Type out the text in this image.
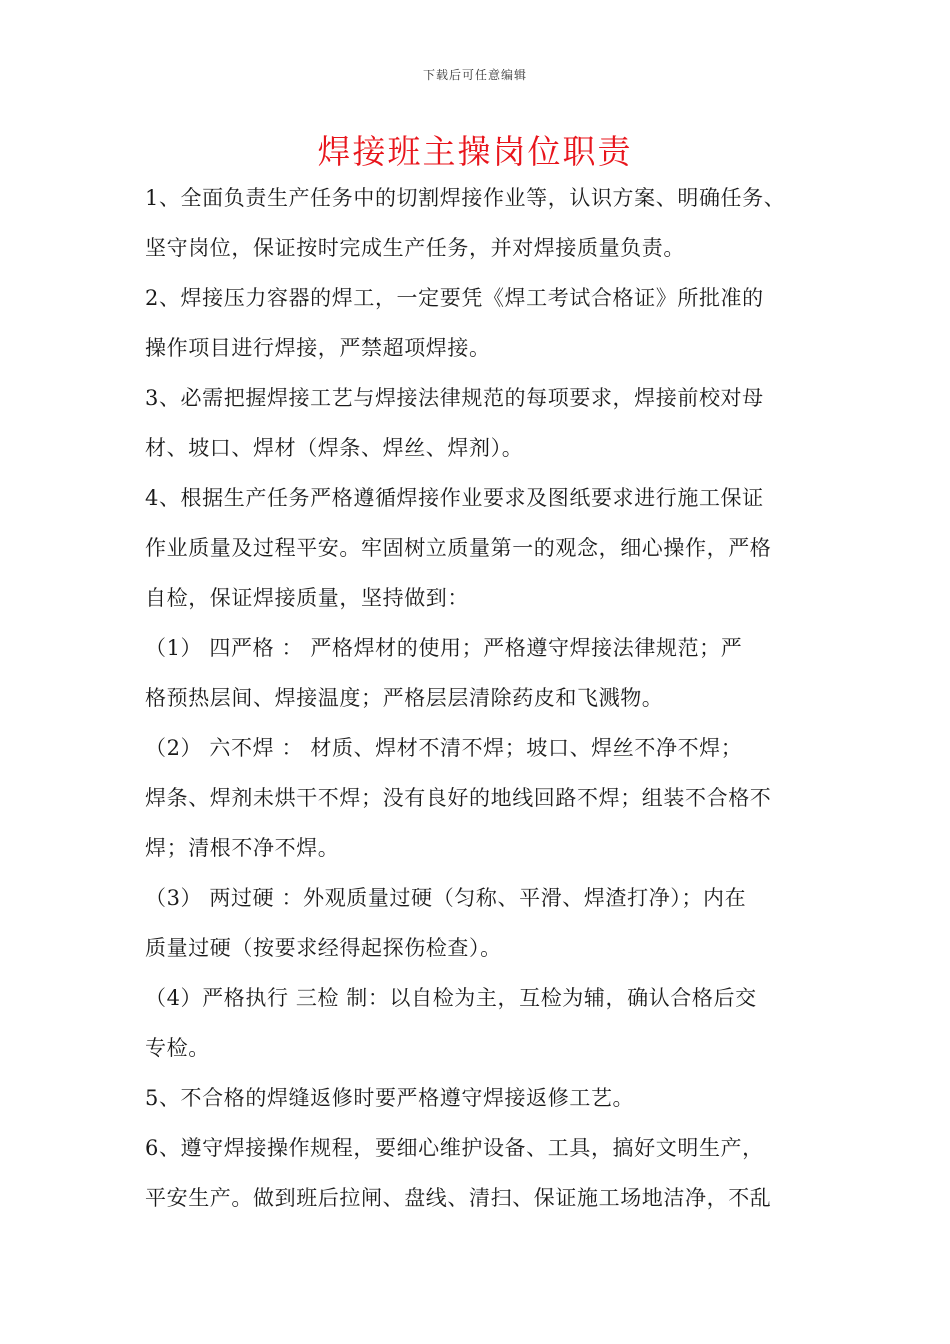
下载后可任意编辑
焊接班主操岗位职责
1、全面负责生产任务中的切割焊接作业等，认识方案、明确任务、
坚守岗位，保证按时完成生产任务，并对焊接质量负责。
2、焊接压力容器的焊工，一定要凭《焊工考试合格证》所批准的
操作项目进行焊接，严禁超项焊接。
3、必需把握焊接工艺与焊接法律规范的每项要求，焊接前校对母
材、坡口、焊材（焊条、焊丝、焊剂）。
4、根据生产任务严格遵循焊接作业要求及图纸要求进行施工保证
作业质量及过程平安。牢固树立质量第一的观念，细心操作，严格
自检，保证焊接质量，坚持做到：
（1） 四严格 ： 严格焊材的使用；严格遵守焊接法律规范；严
格预热层间、焊接温度；严格层层清除药皮和飞溅物。
（2） 六不焊 ： 材质、焊材不清不焊；坡口、焊丝不净不焊；
焊条、焊剂未烘干不焊；没有良好的地线回路不焊；组装不合格不
焊；清根不净不焊。
（3） 两过硬 ：外观质量过硬（匀称、平滑、焊渣打净）；内在
质量过硬（按要求经得起探伤检查）。
（4）严格执行 三检 制：以自检为主，互检为辅，确认合格后交
专检。
5、不合格的焊缝返修时要严格遵守焊接返修工艺。
6、遵守焊接操作规程，要细心维护设备、工具，搞好文明生产，
平安生产。做到班后拉闸、盘线、清扫、保证施工场地洁净，不乱
